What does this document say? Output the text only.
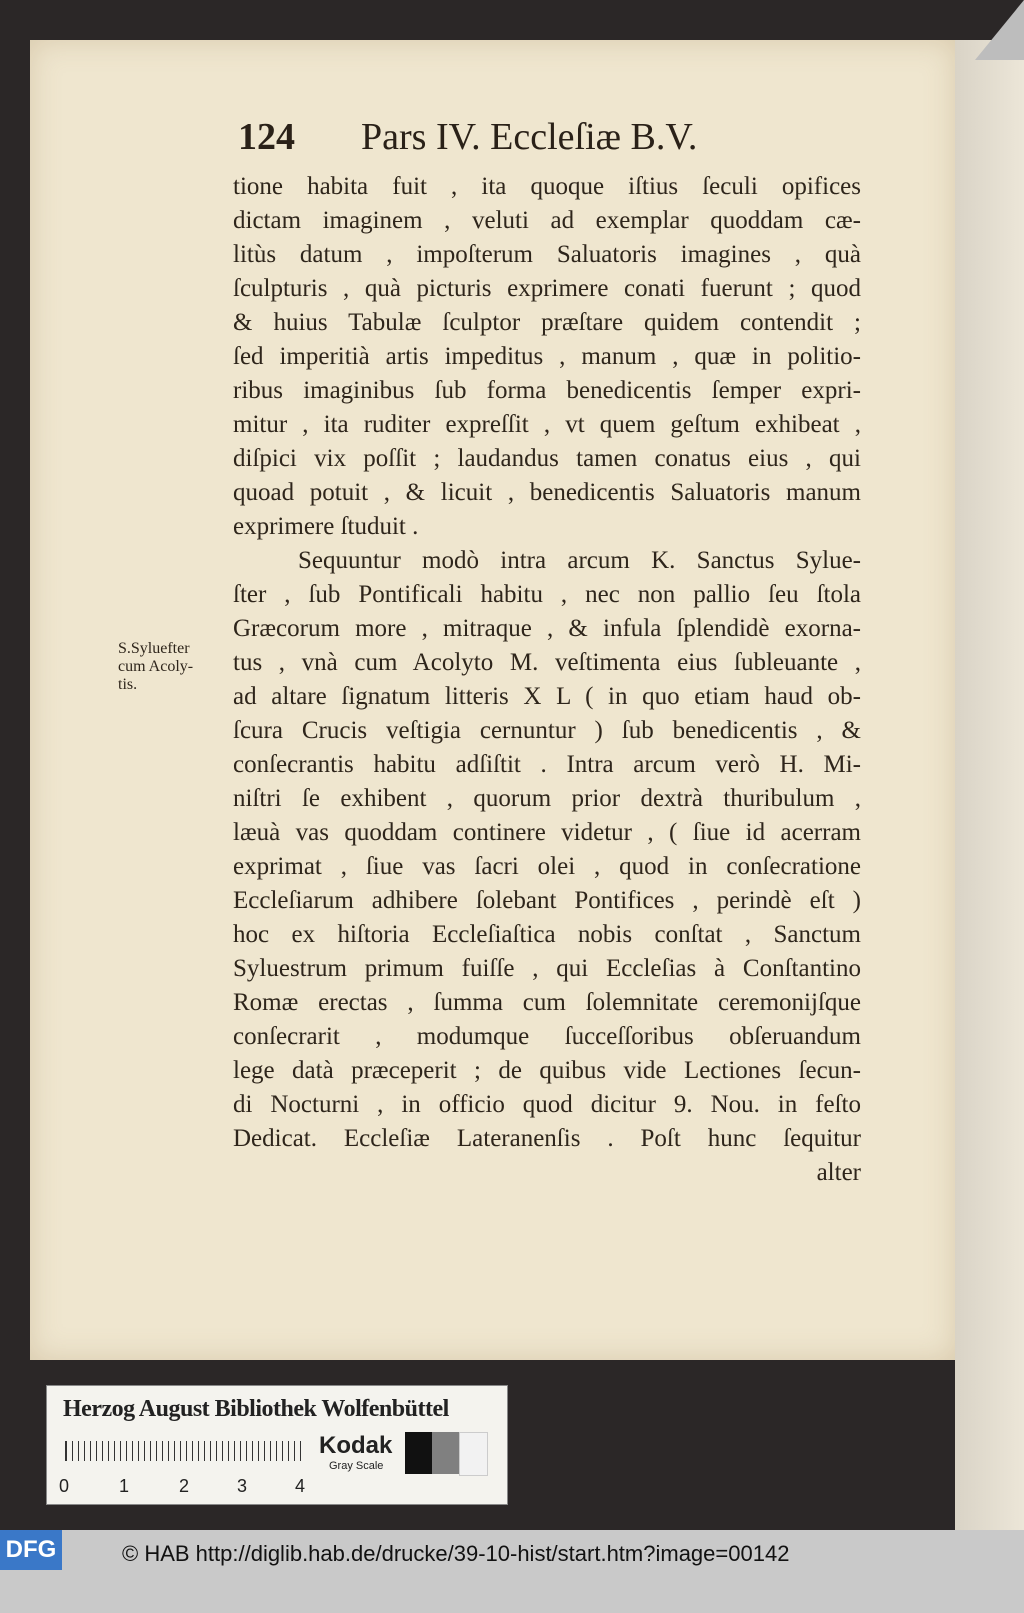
124 Pars IV. Eccleſiæ B.V.
tione habita fuit , ita quoque iſtius ſeculi opifices
dictam imaginem , veluti ad exemplar quoddam cæ-
litùs datum , impoſterum Saluatoris imagines , quà
ſculpturis , quà picturis exprimere conati fuerunt ; quod
& huius Tabulæ ſculptor præſtare quidem contendit ;
ſed imperitià artis impeditus , manum , quæ in politio-
ribus imaginibus ſub forma benedicentis ſemper expri-
mitur , ita ruditer expreſſit , vt quem geſtum exhibeat ,
diſpici vix poſſit ; laudandus tamen conatus eius , qui
quoad potuit , & licuit , benedicentis Saluatoris manum
exprimere ſtuduit .
Sequuntur modò intra arcum K. Sanctus Sylue-
ſter , ſub Pontificali habitu , nec non pallio ſeu ſtola
Græcorum more , mitraque , & infula ſplendidè exorna-
tus , vnà cum Acolyto M. veſtimenta eius ſubleuante ,
ad altare ſignatum litteris X L ( in quo etiam haud ob-
ſcura Crucis veſtigia cernuntur ) ſub benedicentis , &
conſecrantis habitu adſiſtit . Intra arcum verò H. Mi-
niſtri ſe exhibent , quorum prior dextrà thuribulum ,
læuà vas quoddam continere videtur , ( ſiue id acerram
exprimat , ſiue vas ſacri olei , quod in conſecratione
Eccleſiarum adhibere ſolebant Pontifices , perindè eſt )
hoc ex hiſtoria Eccleſiaſtica nobis conſtat , Sanctum
Syluestrum primum fuiſſe , qui Eccleſias à Conſtantino
Romæ erectas , ſumma cum ſolemnitate ceremonijſque
conſecrarit , modumque ſucceſſoribus obſeruandum
lege datà præceperit ; de quibus vide Lectiones ſecun-
di Nocturni , in officio quod dicitur 9. Nou. in feſto
Dedicat. Eccleſiæ Lateranenſis . Poſt hunc ſequitur
alter
S.Syluefter
cum Acoly-
tis.
Herzog August Bibliothek Wolfenbüttel
0	1	2	3	4
Kodak
Gray Scale
DFG	© HAB http://diglib.hab.de/drucke/39-10-hist/start.htm?image=00142
